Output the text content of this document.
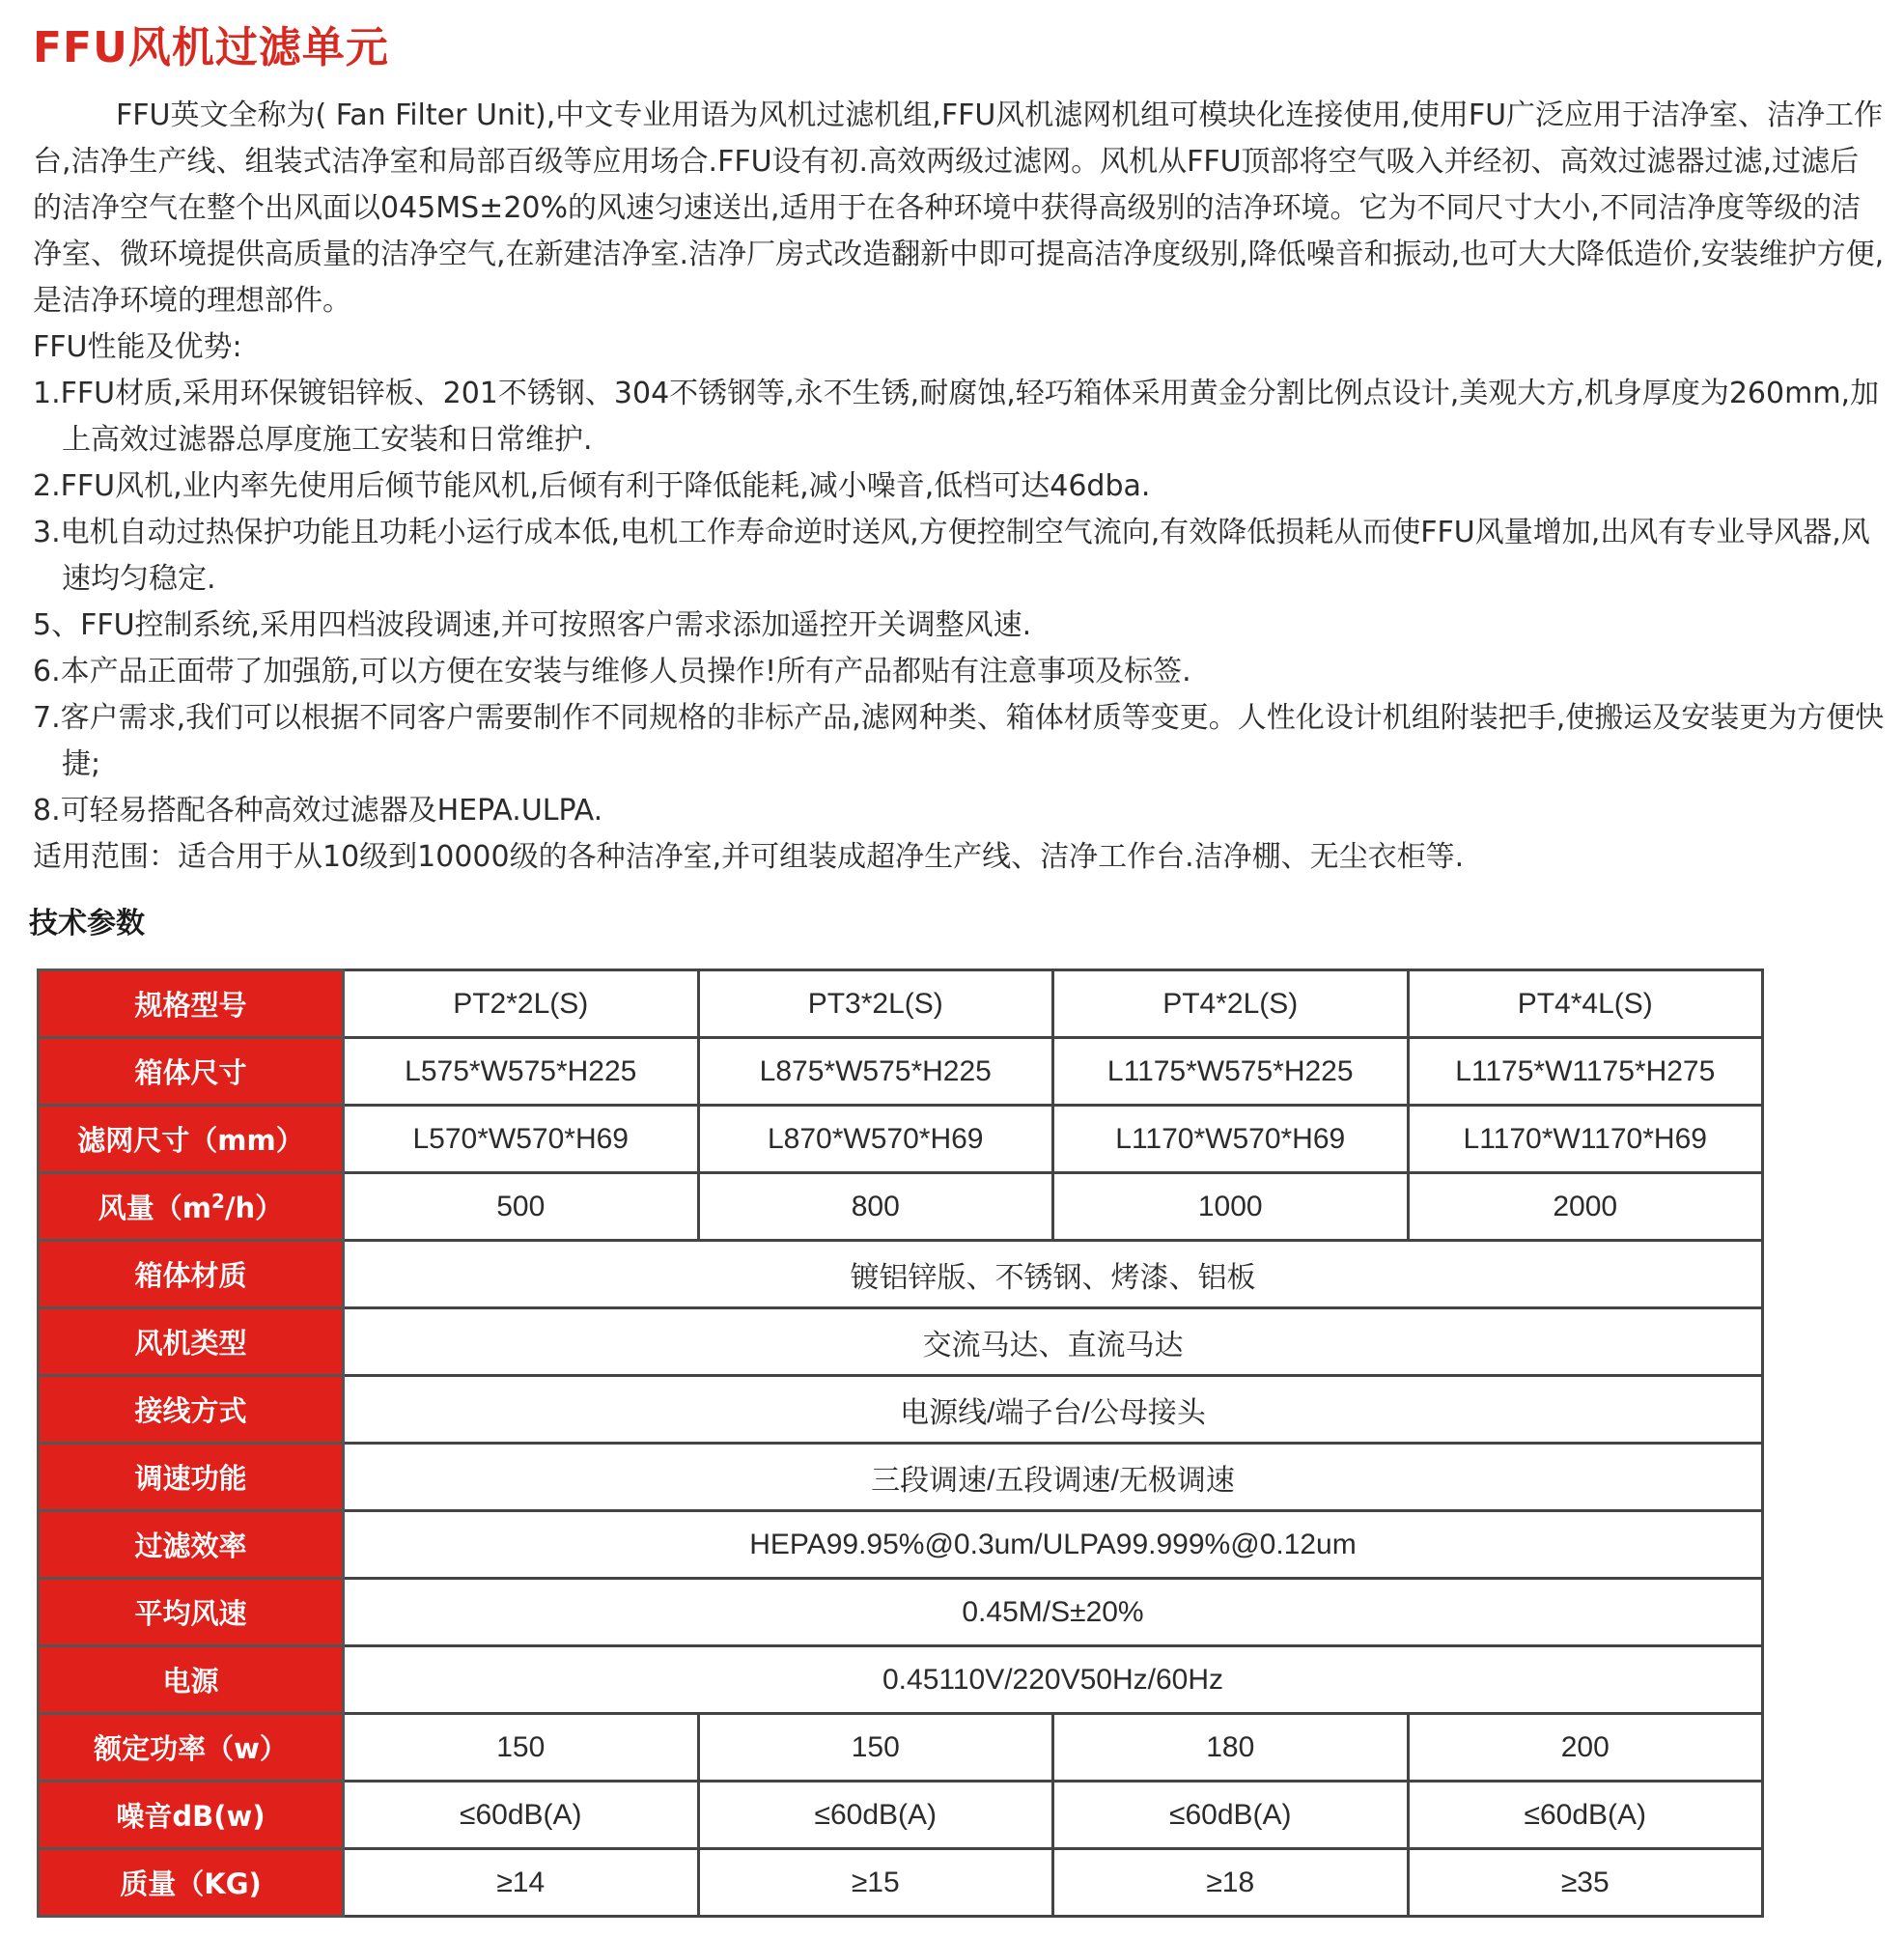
FFU风机过滤单元

FFU英文全称为( Fan Filter Unit),中文专业用语为风机过滤机组,FFU风机滤网机组可模块化连接使用,使用FU广泛应用于洁净室、洁净工作台,洁净生产线、组装式洁净室和局部百级等应用场合.FFU设有初.高效两级过滤网。风机从FFU顶部将空气吸入并经初、高效过滤器过滤,过滤后的洁净空气在整个出风面以045MS±20%的风速匀速送出,适用于在各种环境中获得高级别的洁净环境。它为不同尺寸大小,不同洁净度等级的洁净室、微环境提供高质量的洁净空气,在新建洁净室.洁净厂房式改造翻新中即可提高洁净度级别,降低噪音和振动,也可大大降低造价,安装维护方便,是洁净环境的理想部件。

FFU性能及优势:

1.FFU材质,采用环保镀铝锌板、201不锈钢、304不锈钢等,永不生锈,耐腐蚀,轻巧箱体采用黄金分割比例点设计,美观大方,机身厚度为260mm,加上高效过滤器总厚度施工安装和日常维护.

2.FFU风机,业内率先使用后倾节能风机,后倾有利于降低能耗,减小噪音,低档可达46dba.

3.电机自动过热保护功能且功耗小运行成本低,电机工作寿命逆时送风,方便控制空气流向,有效降低损耗从而使FFU风量增加,出风有专业导风器,风速均匀稳定.

5、FFU控制系统,采用四档波段调速,并可按照客户需求添加遥控开关调整风速.

6.本产品正面带了加强筋,可以方便在安装与维修人员操作!所有产品都贴有注意事项及标签.

7.客户需求,我们可以根据不同客户需要制作不同规格的非标产品,滤网种类、箱体材质等变更。人性化设计机组附装把手,使搬运及安装更为方便快捷;

8.可轻易搭配各种高效过滤器及HEPA.ULPA.

适用范围：适合用于从10级到10000级的各种洁净室,并可组装成超净生产线、洁净工作台.洁净棚、无尘衣柜等.

技术参数
规格型号	PT2*2L(S)	PT3*2L(S)	PT4*2L(S)	PT4*4L(S)
箱体尺寸	L575*W575*H225	L875*W575*H225	L1175*W575*H225	L1175*W1175*H275
滤网尺寸（mm）	L570*W570*H69	L870*W570*H69	L1170*W570*H69	L1170*W1170*H69
风量$(m^2/h)$	500	800	1000	2000
箱体材质	镀铝锌版、不锈钢、烤漆、铝板			
风机类型	交流马达、直流马达			
接线方式	电源线/端子台/公母接头			
调速功能	三段调速/五段调速/无极调速			
过滤效率	HEPA99.95%@0.3um/ULPA99.999%@0.12um			
平均风速	0.45M/S±20%			
电源	0.45110V/220V50Hz/60Hz			
额定功率（w）	150	150	180	200
噪音dB(w)	≤60dB(A)	≤60dB(A)	≤60dB(A)	≤60dB(A)
质量（KG)	≥14	≥15	≥18	≥35
